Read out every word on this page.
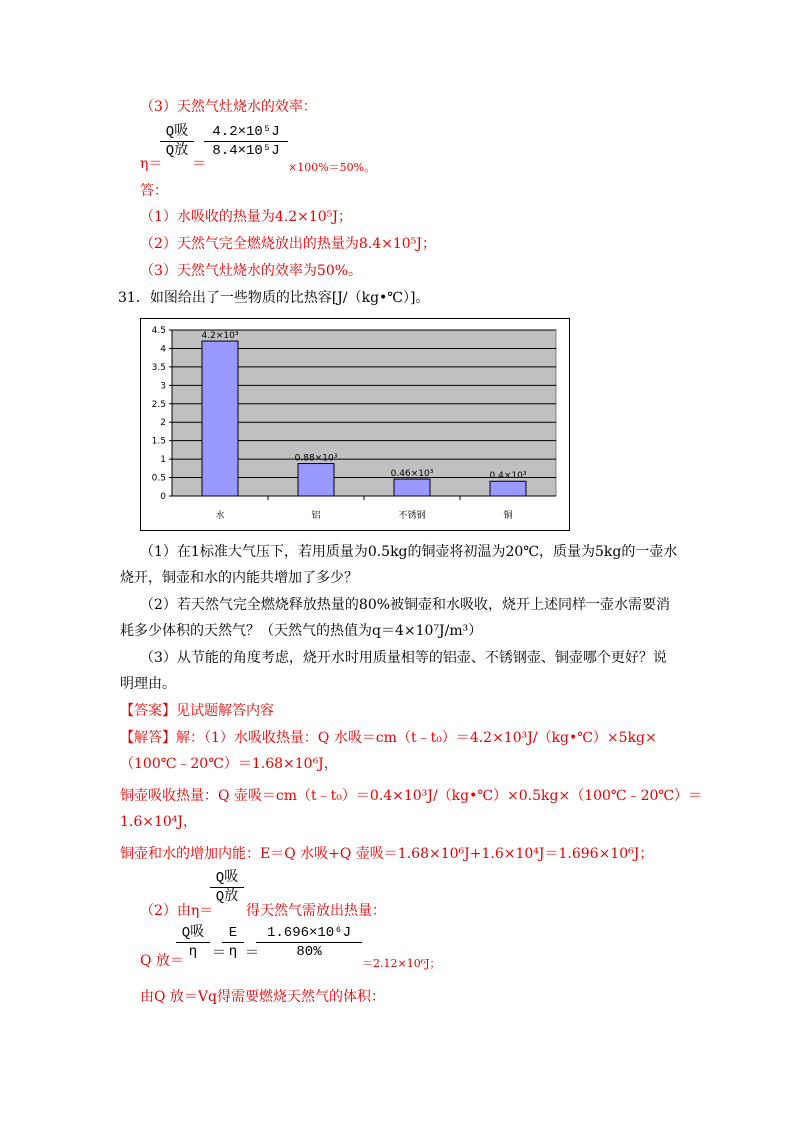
（3）天然气灶烧水的效率：
η＝
Q吸
Q放
＝
4.2×10⁵J
8.4×10⁵J
×100%＝50%。
答：
（1）水吸收的热量为4.2×10⁵J；
（2）天然气完全燃烧放出的热量为8.4×10⁵J；
（3）天然气灶烧水的效率为50%。
31．如图给出了一些物质的比热容[J/（kg•℃）]。
0
0.5
1
1.5
2
2.5
3
3.5
4
4.5
4.2×10³
水
0.88×10³
铝
0.46×10³
不锈钢
0.4×10³
铜
（1）在1标准大气压下，若用质量为0.5kg的铜壶将初温为20℃，质量为5kg的一壶水
烧开，铜壶和水的内能共增加了多少？
（2）若天然气完全燃烧释放热量的80%被铜壶和水吸收，烧开上述同样一壶水需要消
耗多少体积的天然气？（天然气的热值为q＝4×10⁷J/m³）
（3）从节能的角度考虑，烧开水时用质量相等的铝壶、不锈钢壶、铜壶哪个更好？说
明理由。
【答案】见试题解答内容
【解答】解：（1）水吸收热量：Q 水吸＝cm（t﹣t₀）＝4.2×10³J/（kg•℃）×5kg×
（100℃﹣20℃）＝1.68×10⁶J，
铜壶吸收热量：Q 壶吸＝cm（t﹣t₀）＝0.4×10³J/（kg•℃）×0.5kg×（100℃﹣20℃）＝
1.6×10⁴J，
铜壶和水的增加内能：E＝Q 水吸+Q 壶吸＝1.68×10⁶J+1.6×10⁴J＝1.696×10⁶J；
（2）由η＝
Q吸
Q放
得天然气需放出热量：
Q 放＝
Q吸
η	＝
E
η ＝
1.696×10⁶J
80%
＝2.12×10⁶J；
由Q 放＝Vq得需要燃烧天然气的体积：
